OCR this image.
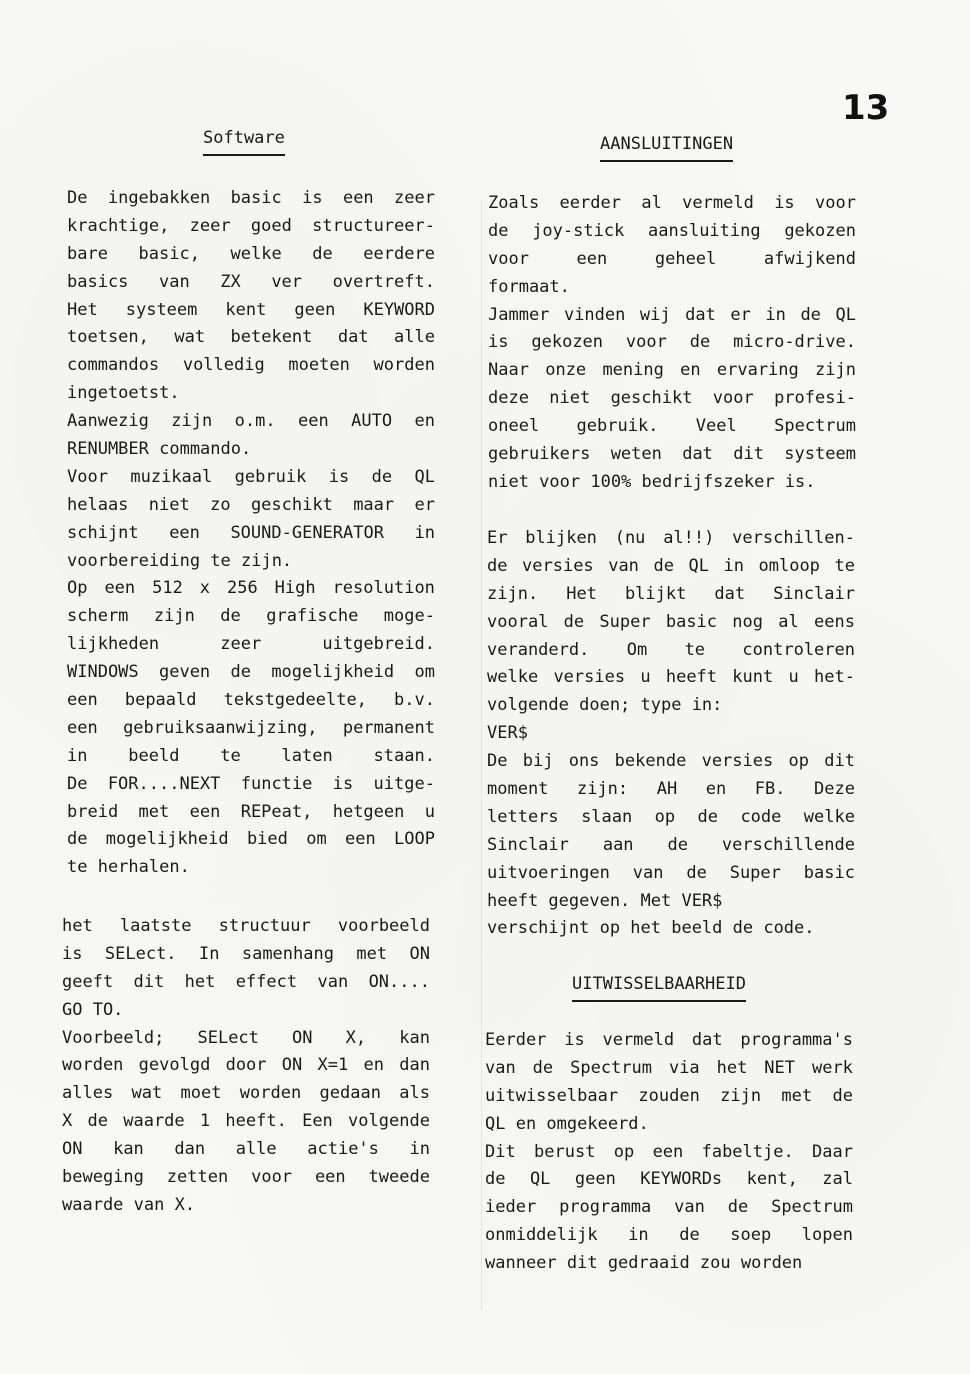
13
Software	AANSLUITINGEN
UITWISSELBAARHEID
De ingebakken basic is een zeer
krachtige, zeer goed structureer-
bare basic, welke de eerdere
basics van ZX ver overtreft.
Het systeem kent geen KEYWORD
toetsen, wat betekent dat alle
commandos volledig moeten worden
ingetoetst.
Aanwezig zijn o.m. een AUTO en
RENUMBER commando.
Voor muzikaal gebruik is de QL
helaas niet zo geschikt maar er
schijnt een SOUND-GENERATOR in
voorbereiding te zijn.
Op een 512 x 256 High resolution
scherm zijn de grafische moge-
lijkheden	zeer	uitgebreid.
WINDOWS geven de mogelijkheid om
een bepaald tekstgedeelte, b.v.
een gebruiksaanwijzing, permanent
in beeld te laten staan.
De FOR....NEXT functie is uitge-
breid met een REPeat, hetgeen u
de mogelijkheid bied om een LOOP
te herhalen.
het laatste structuur voorbeeld
is SELect. In samenhang met ON
geeft dit het effect van ON....
GO TO.
Voorbeeld; SELect ON X, kan
worden gevolgd door ON X=1 en dan
alles wat moet worden gedaan als
X de waarde 1 heeft. Een volgende
ON kan dan alle actie's in
beweging zetten voor een tweede
waarde van X.
Zoals eerder al vermeld is voor
de joy-stick aansluiting gekozen
voor	een	geheel	afwijkend
formaat.
Jammer vinden wij dat er in de QL
is gekozen voor de micro-drive.
Naar onze mening en ervaring zijn
deze niet geschikt voor profesi-
oneel gebruik. Veel Spectrum
gebruikers weten dat dit systeem
niet voor 100% bedrijfszeker is.
Er blijken (nu al!!) verschillen-
de versies van de QL in omloop te
zijn. Het blijkt dat Sinclair
vooral de Super basic nog al eens
veranderd. Om te controleren
welke versies u heeft kunt u het-
volgende doen; type in:
VER$
De bij ons bekende versies op dit
moment zijn: AH en FB. Deze
letters slaan op de code welke
Sinclair aan de verschillende
uitvoeringen van de Super basic
heeft gegeven. Met VER$
verschijnt op het beeld de code.
Eerder is vermeld dat programma's
van de Spectrum via het NET werk
uitwisselbaar zouden zijn met de
QL en omgekeerd.
Dit berust op een fabeltje. Daar
de QL geen KEYWORDs kent, zal
ieder programma van de Spectrum
onmiddelijk in de soep lopen
wanneer dit gedraaid zou worden
